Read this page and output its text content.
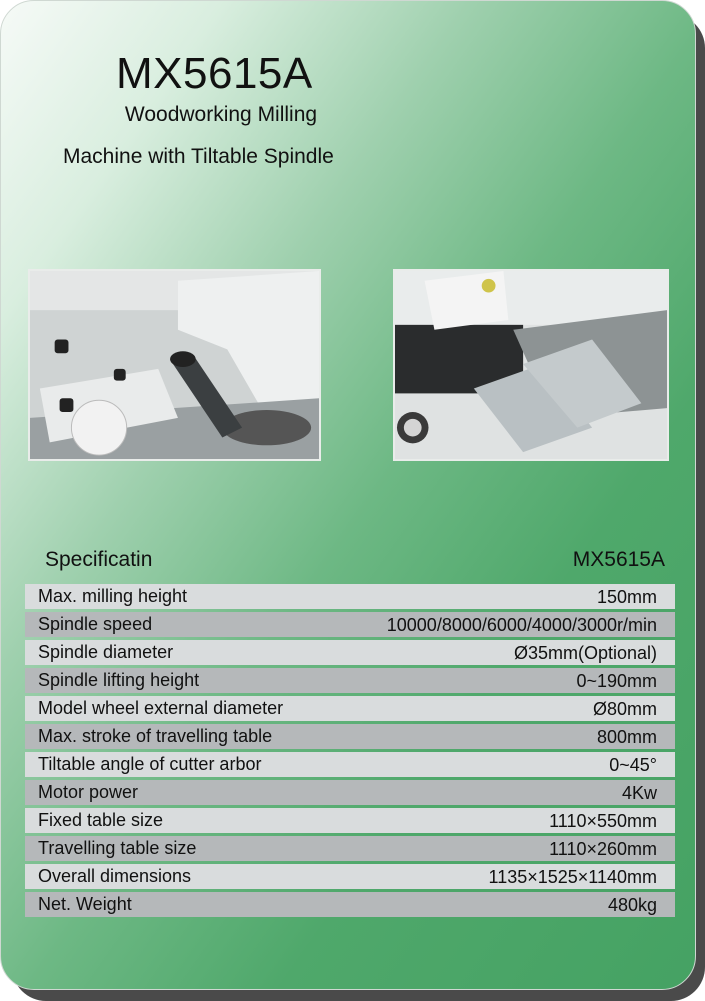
MX5615A
Woodworking Milling
Machine with Tiltable Spindle
Specificatin	MX5615A
Max. milling height	150mm
Spindle speed	10000/8000/6000/4000/3000r/min
Spindle diameter	Ø35mm(Optional)
Spindle lifting height	0~190mm
Model wheel external diameter	Ø80mm
Max. stroke of travelling table	800mm
Tiltable angle of cutter arbor	0~45°
Motor power	4Kw
Fixed table size	1110×550mm
Travelling table size	1110×260mm
Overall dimensions	1135×1525×1140mm
Net. Weight	480kg
